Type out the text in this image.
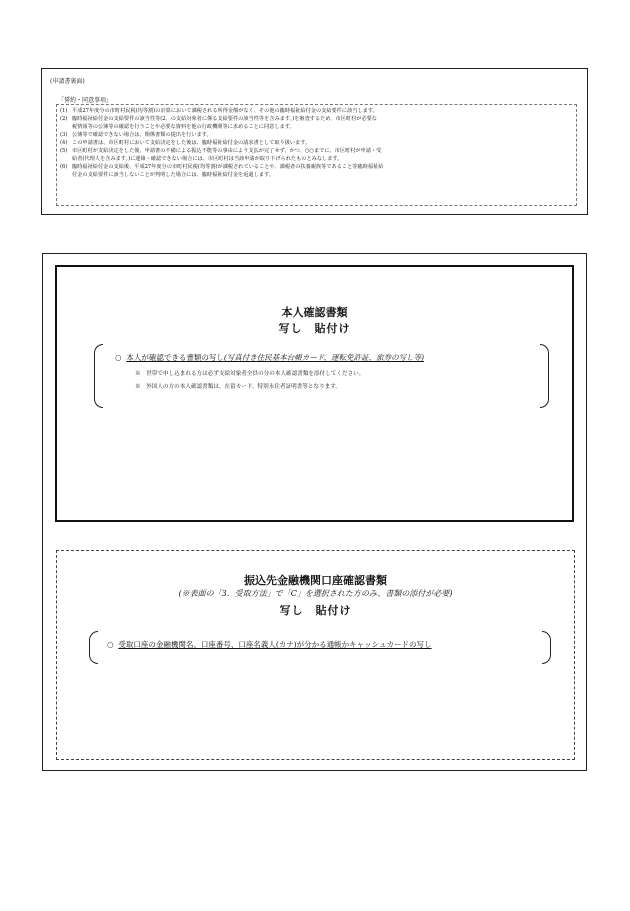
(申請書裏面)
「誓約・同意事項」
(1) 平成27年度分の市町村民税(均等割)の計算において課税される所得金額がなく、その他の臨時福祉給付金の支給要件に該当します。
(2) 臨時福祉給付金の支給要件の該当性等(2．の支給対象者に係る支給要件の該当性等を含みます。)を審査するため、市区町村が必要な
税情報等の公簿等の確認を行うことや必要な資料を他の行政機関等に求めることに同意します。
(3) 公簿等で確認できない場合は、関係書類の提出を行います。
(4) この申請書は、市区町村において支給決定をした後は、臨時福祉給付金の請求書として取り扱います。
(5) 市区町村が支給決定をした後、申請書の不備による振込不能等の事由により支払が完了せず、かつ、○○までに、市区町村が申請・受
給者(代理人を含みます。)に連絡・確認できない場合には、市区町村は当該申請が取り下げられたものとみなします。
(6) 臨時福祉給付金の支給後、平成27年度分の市町村民税(均等割)が課税されていることや、課税者の扶養親族等であること等臨時福祉給
付金の支給要件に該当しないことが判明した場合には、臨時福祉給付金を返還します。
本人確認書類
写し　貼付け
○ 本人が確認できる書類の写し(写真付き住民基本台帳カード、運転免許証、旅券の写し等)
※　世帯で申し込まれる方は必ず支給対象者全員の分の本人確認書類を添付してください。
※　外国人の方の本人確認書類は、在留カード、特別永住者証明書等となります。
振込先金融機関口座確認書類
(※表面の「3．受取方法」で「C」を選択された方のみ、書類の添付が必要)
写し　貼付け
○ 受取口座の金融機関名、口座番号、口座名義人(カナ)が分かる通帳かキャッシュカードの写し
